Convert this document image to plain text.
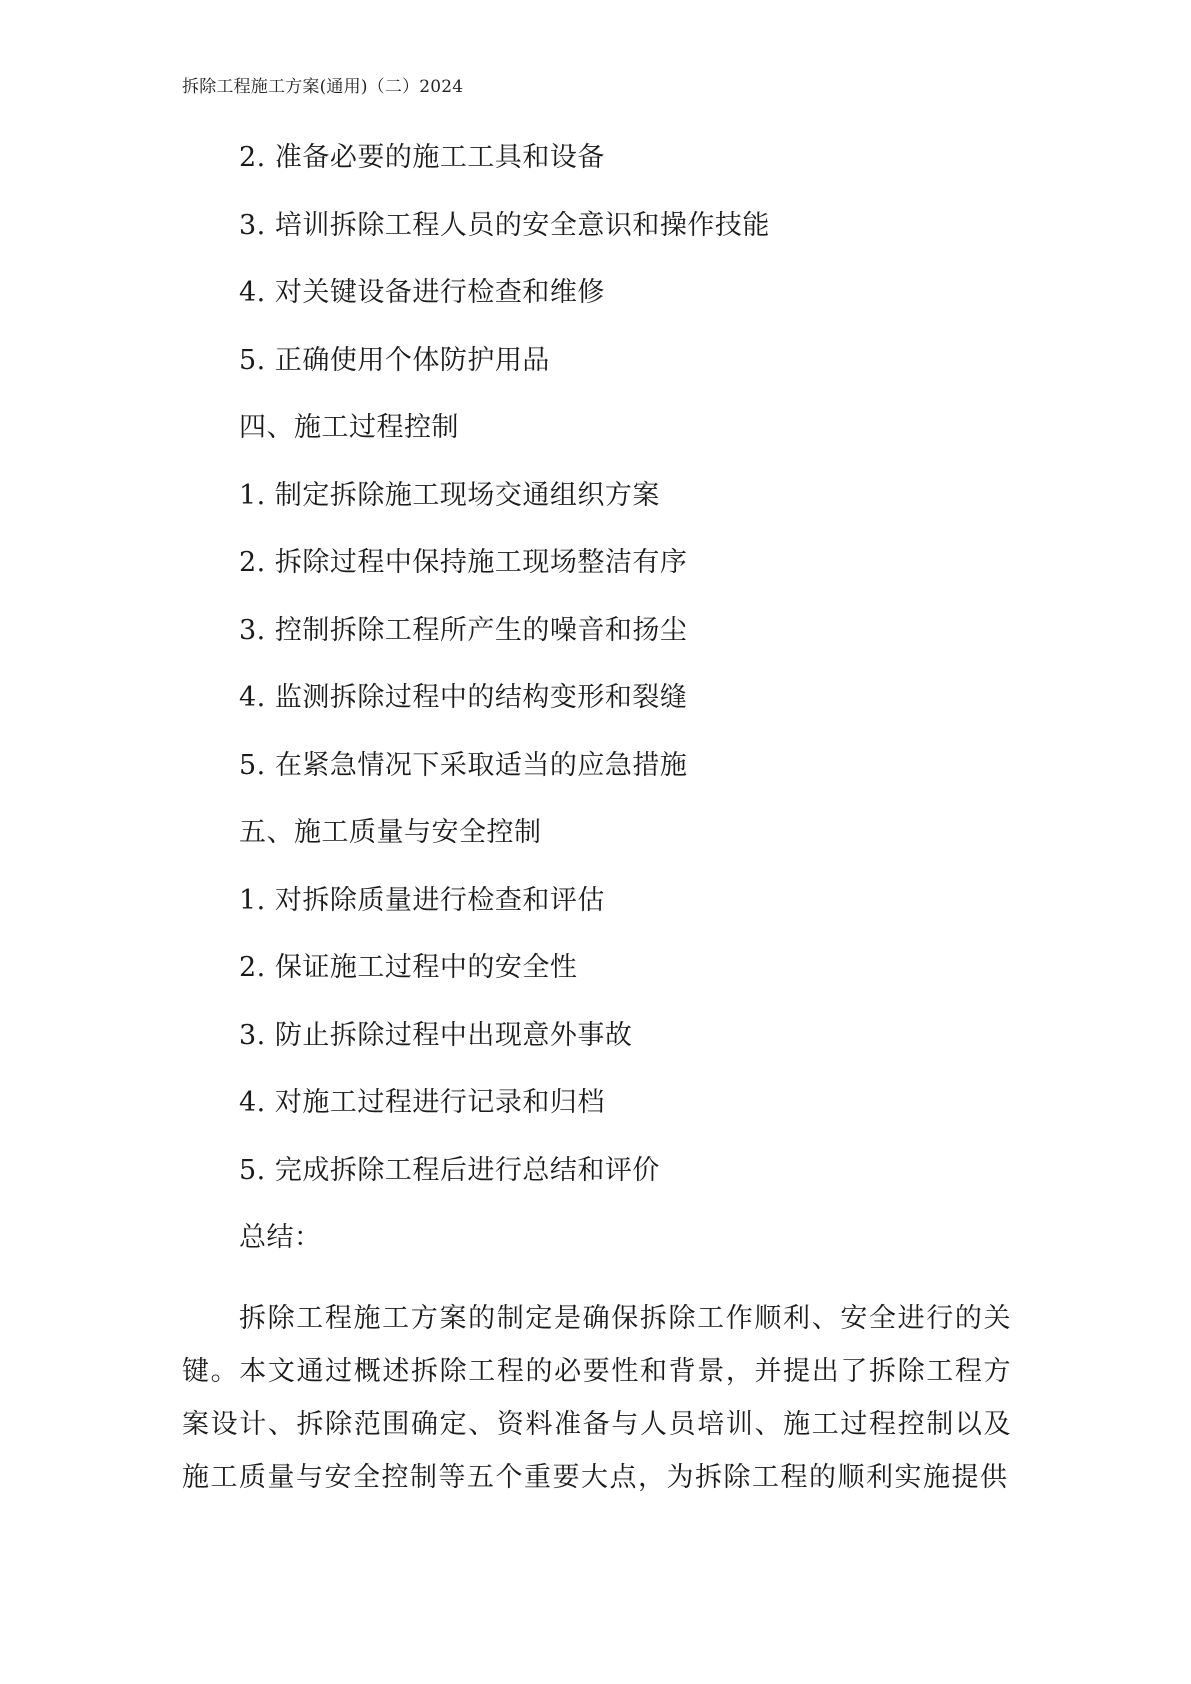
拆除工程施工方案(通用)（二）2024
2. 准备必要的施工工具和设备
3. 培训拆除工程人员的安全意识和操作技能
4. 对关键设备进行检查和维修
5. 正确使用个体防护用品
四、施工过程控制
1. 制定拆除施工现场交通组织方案
2. 拆除过程中保持施工现场整洁有序
3. 控制拆除工程所产生的噪音和扬尘
4. 监测拆除过程中的结构变形和裂缝
5. 在紧急情况下采取适当的应急措施
五、施工质量与安全控制
1. 对拆除质量进行检查和评估
2. 保证施工过程中的安全性
3. 防止拆除过程中出现意外事故
4. 对施工过程进行记录和归档
5. 完成拆除工程后进行总结和评价
总结：
拆除工程施工方案的制定是确保拆除工作顺利、安全进行的关键。本文通过概述拆除工程的必要性和背景，并提出了拆除工程方案设计、拆除范围确定、资料准备与人员培训、施工过程控制以及施工质量与安全控制等五个重要大点，为拆除工程的顺利实施提供
